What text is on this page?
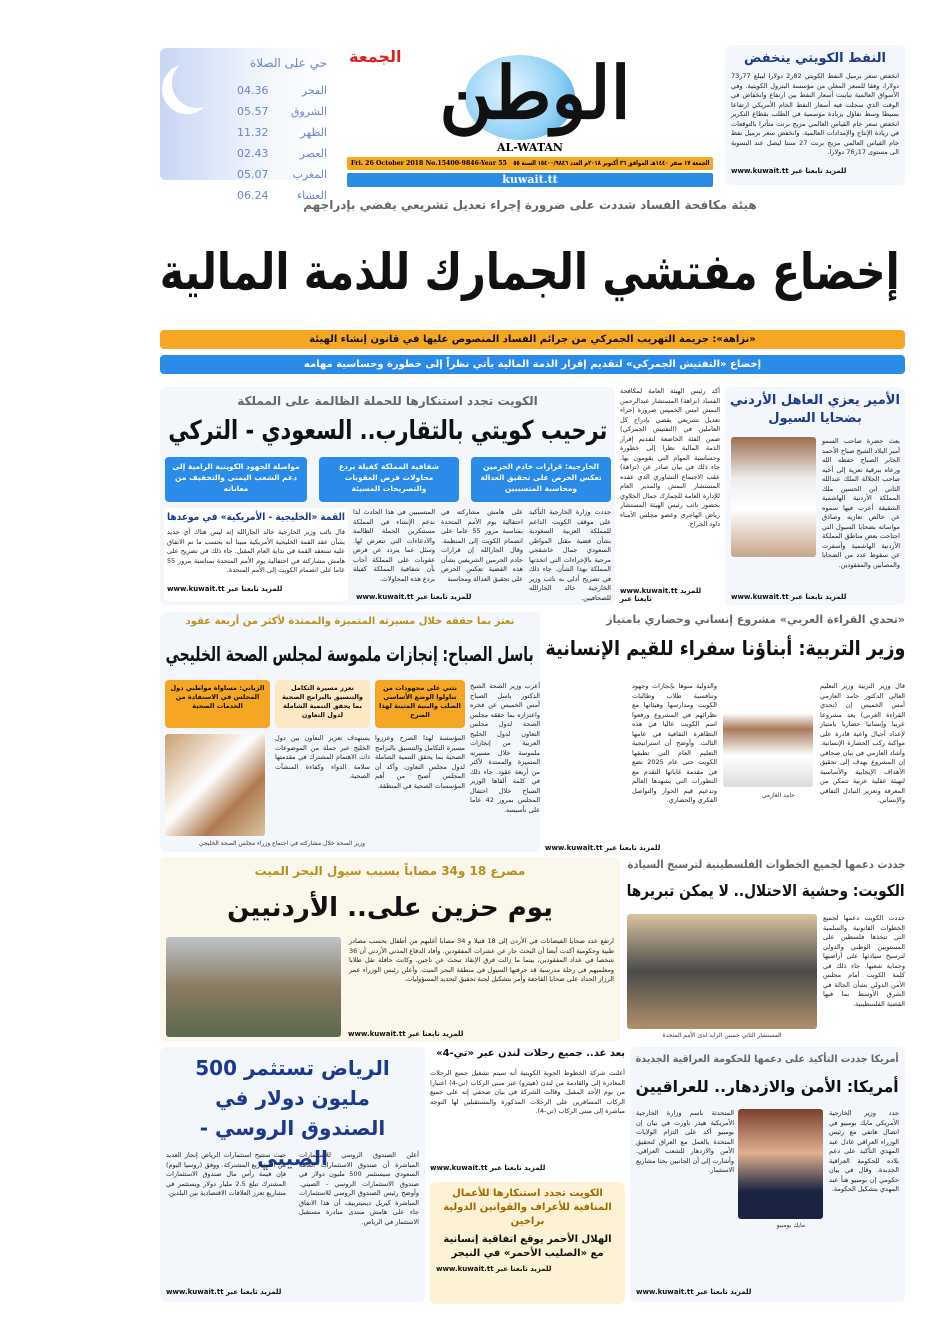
حي على الصلاة
الفجر
04.36
الشروق
05.57
الظهر
11.32
العصر
02.43
المغرب
05.07
العشاء
06.24
الوطن
الجمعة
AL-WATAN
الجمعة ١٧ صفر ١٤٤٠هـ الموافق ٢٦ أكتوبر ٢٠١٨م العدد ١٥٤٠٠/٩٨٤٦ السنة ٥٥
Fri. 26 October 2018 No.15400-9846-Year 55
kuwait.tt
النفط الكويتي ينخفض
انخفض سعر برميل النفط الكويتي 82ر2 دولارا ليبلغ 77ر73 دولارا، وفقا للسعر المعلن من مؤسسة البترول الكويتية. وفي الأسواق العالمية تباينت أسعار النفط بين ارتفاع وانخفاض في الوقت الذي سجلت فيه أسعار النفط الخام الأمريكي ارتفاعا بسيطا وسط تفاؤل بزيادة موسمية في الطلب بقطاع التكرير انخفض سعر خام القياس العالمي مزيج برنت متأثرا بالتوقعات في زيادة الإنتاج والإمدادات العالمية. وانخفض سعر برميل نفط خام القياس العالمي مزيج برنت 27 سنتا ليصل عند التسوية الى مستوى 17ر76 دولارا.
www.kuwait.tt للمزيد تابعنا عبر
هيئة مكافحة الفساد شددت على ضرورة إجراء تعديل تشريعي يقضي بإدراجهم
إخضاع مفتشي الجمارك للذمة المالية
«نزاهة»: جريمة التهريب الجمركي من جرائم الفساد المنصوص عليها في قانون إنشاء الهيئة
إخضاع «التفتيش الجمركي» لتقديم إقرار الذمة المالية يأتي نظراً إلى خطورة وحساسية مهامه
الأمير يعزي العاهل الأردني بضحايا السيول
بعث حضرة صاحب السمو أمير البلاد الشيخ صباح الأحمد الجابر الصباح حفظه الله ورعاه ببرقية تعزية إلى أخيه صاحب الجلالة الملك عبدالله الثاني ابن الحسين ملك المملكة الأردنية الهاشمية الشقيقة أعرب فيها سموه عن خالص تعازيه وصادق مواساته بضحايا السيول التي اجتاحت بعض مناطق المملكة الأردنية الهاشمية وأسفرت عن سقوط عدد من الضحايا والمصابين والمفقودين.
www.kuwait.tt للمزيد تابعنا عبر
أكد رئيس الهيئة العامة لمكافحة الفساد (نزاهة) المستشار عبدالرحمن النمش امس الخميس ضرورة إجراء تعديل تشريعي يقضي بإدراج كل العاملين في (التفتيش الجمركي) ضمن الفئة الخاضعة لتقديم إقرار الذمة المالية نظرا إلى خطورة وحساسية المهام التي يقومون بها. جاء ذلك في بيان صادر عن (نزاهة) عقب الاجتماع التشاوري الذي عقده المستشار النمش والمدير العام للإدارة العامة للجمارك جمال الجلاوي بحضور نائب رئيس الهيئة المستشار رياض الهاجري وعضو مجلس الأمناء داود الجراح.
www.kuwait.tt للمزيد تابعنا عبر
الكويت تجدد استنكارها للحملة الظالمة على المملكة
ترحيب كويتي بالتقارب.. السعودي - التركي
الخارجية: قرارات خادم الحرمين تعكس الحرص على تحقيق العدالة ومحاسبة المتسببين
شفافية المملكة كفيلة بردع محاولات فرض العقوبات والتصريحات المسيئة
مواصلة الجهود الكويتية الرامية إلى دعم الشعب اليمني والتخفيف من معاناته
جددت وزارة الخارجية التأكيد على موقف الكويت الداعم للمملكة العربية السعودية بشأن قضية مقتل المواطن السعودي جمال خاشقجي مرحبة بالإجراءات التي اتخذتها المملكة بهذا الشأن. جاء ذلك في تصريح أدلى به نائب وزير الخارجية خالد الجارالله للصحافيين.
على هامش مشاركته في احتفالية يوم الأمم المتحدة بمناسبة مرور 55 عاما على انضمام الكويت إلى المنظمة. وقال الجارالله إن قرارات خادم الحرمين الشريفين بشأن هذه القضية تعكس الحرص على تحقيق العدالة ومحاسبة
المتسببين في هذا الحادث لذا ندعم الإنشاء في المملكة مستنكرين الحملة الظالمة والادعاءات التي تتعرض لها. وسئل عما يتردد عن فرض عقوبات على المملكة أجاب بأن شفافية المملكة كفيلة بردع هذه المحاولات.
www.kuwait.tt للمزيد تابعنا عبر
القمة «الخليجية - الأمريكية» في موعدها
قال نائب وزير الخارجية خالد الجارالله إنه ليس هناك أي جديد بشأن عقد القمة الخليجية الأمريكية مبينا أنه بحسب ما تم الاتفاق عليه ستعقد القمة في بداية العام المقبل. جاء ذلك في تصريح على هامش مشاركته في احتفالية يوم الأمم المتحدة بمناسبة مرور 55 عاما على انضمام الكويت إلى الأمم المتحدة.
www.kuwait.tt للمزيد تابعنا عبر
«تحدي القراءة العربي» مشروع إنساني وحضاري بامتياز
وزير التربية: أبناؤنا سفراء للقيم الإنسانية
قال وزير التربية وزير التعليم العالي الدكتور حامد العازمي أمس الخميس إن (تحدي القراءة العربي) يعد مشروعا عربيا وإنسانيا حضاريا بامتياز لإعداد أجيال واعية قادرة على مواكبة ركب الحضارة الإنسانية. وأشاد العازمي في بيان صحافي إن المشروع يهدف إلى تحقيق الأهداف الإيجابية والأساسية لتهيئة عقلية عربية تتمكن من المعرفة وتعزيز التبادل الثقافي والإنساني.
حامد العازمي
والدولية منوها بإنجازات وجهود وتنافسية طلاب وطالبات الكويت ومدارسها وهيئاتها مع نظرائهم في المشروع ورفعوا اسم الكويت عاليا في هذه التظاهرة الثقافية في عامها الثالث. وأوضح أن استراتيجية التعليم العام التي تطبقها الكويت حتى عام 2025 تضع في مقدمة غاياتها التقدم مع التطورات التي يشهدها العالم وتدعيم قيم الحوار والتواصل الفكري والحضاري.
www.kuwait.tt للمزيد تابعنا عبر
نعتز بما حققه خلال مسيرته المتميزة والممتدة لأكثر من أربعة عقود
باسل الصباح: إنجازات ملموسة لمجلس الصحة الخليجي
أعرب وزير الصحة الشيخ الدكتور باسل الصباح أمس الخميس عن فخره واعتزازه بما حققه مجلس الصحة لدول مجلس التعاون لدول الخليج العربية من إنجازات ملموسة خلال مسيرته المتميزة والممتدة لأكثر من أربعة عقود. جاء ذلك في كلمة ألقاها الوزير الصباح خلال احتفال المجلس بمرور 42 عاما على تأسيسه.
نثني على مجهودات من تناولوا الوضع الأساسي الصلب والبنية المتينة لهذا الصرح
نعزز مسيرة التكامل والتنسيق بالبرامج الصحية بما يحقق التنمية الشاملة لدول التعاون
الزياني: مساواة مواطني دول المجلس في الاستفادة من الخدمات الصحية
المؤسسة لهذا الصرح وعززوا مسيرة التكامل والتنسيق بالبرامج الصحية بما يحقق التنمية الشاملة لدول مجلس التعاون. وأكد أن المجلس أصبح من أهم المؤسسات الصحية في المنطقة.
يستهدف تعزيز التعاون بين دول الخليج عبر جملة من الموضوعات ذات الاهتمام المشترك في مقدمتها سلامة الدواء وكفاءة المنشآت الصحية.
وزير الصحة خلال مشاركته في اجتماع وزراء مجلس الصحة الخليجي
مصرع 18 و34 مصاباً بسبب سيول البحر الميت
يوم حزين على.. الأردنيين
ارتفع عدد ضحايا الفيضانات في الأردن إلى 18 قتيلا و 34 مصابا أغلبهم من أطفال بحسب مصادر طبية وحكومية أكدت أيضا أن البحث جار عن عشرات المفقودين. وأفاد الدفاع المدني الأردني أن 36 شخصا في عداد المفقودين، بينما ما زالت فرق الإنقاذ تبحث عن ناجين. وكانت حافلة تقل طلابا ومعلميهم في رحلة مدرسية قد جرفتها السيول في منطقة البحر الميت. وأعلن رئيس الوزراء عمر الرزاز الحداد على ضحايا الفاجعة وأمر بتشكيل لجنة تحقيق لتحديد المسؤوليات.
www.kuwait.tt للمزيد تابعنا عبر
جددت دعمها لجميع الخطوات الفلسطينية لترسيخ السيادة
الكويت: وحشية الاحتلال.. لا يمكن تبريرها
المستشار الثاني حسين الزايد لدى الأمم المتحدة
جددت الكويت دعمها لجميع الخطوات القانونية والسلمية التي تتخذها فلسطين على المستويين الوطني والدولي لترسيخ سيادتها على أراضيها وحماية شعبها. جاء ذلك في كلمة الكويت أمام مجلس الأمن الدولي بشأن الحالة في الشرق الأوسط بما فيها القضية الفلسطينية.
الرياض تستثمر 500 مليون دولار في الصندوق الروسي - الصيني
أعلن الصندوق الروسي للاستثمارات المباشرة أن صندوق الاستثمارات العامة السعودي سيستثمر 500 مليون دولار في صندوق الاستثمارات الروسي - الصيني. وأوضح رئيس الصندوق الروسي للاستثمارات المباشرة كيريل ديميترييف أن هذا الاتفاق جاء على هامش منتدى مبادرة مستقبل الاستثمار في الرياض.
حيث ستتيح استثمارات الرياض إنجاز العديد من المشاريع المشتركة. ووفق (روسيا اليوم) فإن قيمة رأس مال صندوق الاستثمارات المشترك تبلغ 2.5 مليار دولار ويستثمر في مشاريع تعزز العلاقات الاقتصادية بين البلدين.
www.kuwait.tt للمزيد تابعنا عبر
بعد غد.. جميع رحلات لندن عبر «تي-4»
أعلنت شركة الخطوط الجوية الكويتية أنه سيتم تشغيل جميع الرحلات المغادرة إلى والقادمة من لندن (هيثرو) عبر مبنى الركاب (تي-4) اعتبارا من يوم الأحد المقبل. وقالت الشركة في بيان صحفي إنه على جميع الركاب المسافرين على الرحلات المذكورة والمستقبلين لها التوجه مباشرة إلى مبنى الركاب (تي-4).
www.kuwait.tt للمزيد تابعنا عبر
الكويت تجدد استنكارها للأعمال المنافية للأعراف والقوانين الدولية براخين
الهلال الأحمر يوقع اتفاقية إنسانية مع «الصليب الأحمر» في النيجر
www.kuwait.tt للمزيد تابعنا عبر
أمريكا جددت التأكيد على دعمها للحكومة العراقية الجديدة
أمريكا: الأمن والازدهار.. للعراقيين
جدد وزير الخارجية الأمريكي مايك بومبيو في اتصال هاتفي مع رئيس الوزراء العراقي عادل عبد المهدي التأكيد على دعم بلاده للحكومة العراقية الجديدة. وقال في بيان حكومي إن بومبيو هنأ عبد المهدي بتشكيل الحكومة.
مايك بومبيو
المتحدثة باسم وزارة الخارجية الأمريكية هيذر ناورت في بيان إن بومبيو أكد على التزام الولايات المتحدة بالعمل مع العراق لتحقيق الأمن والازدهار للشعب العراقي. وأشارت إلى أن الجانبين بحثا مشاريع الاستثمار.
www.kuwait.tt للمزيد تابعنا عبر
